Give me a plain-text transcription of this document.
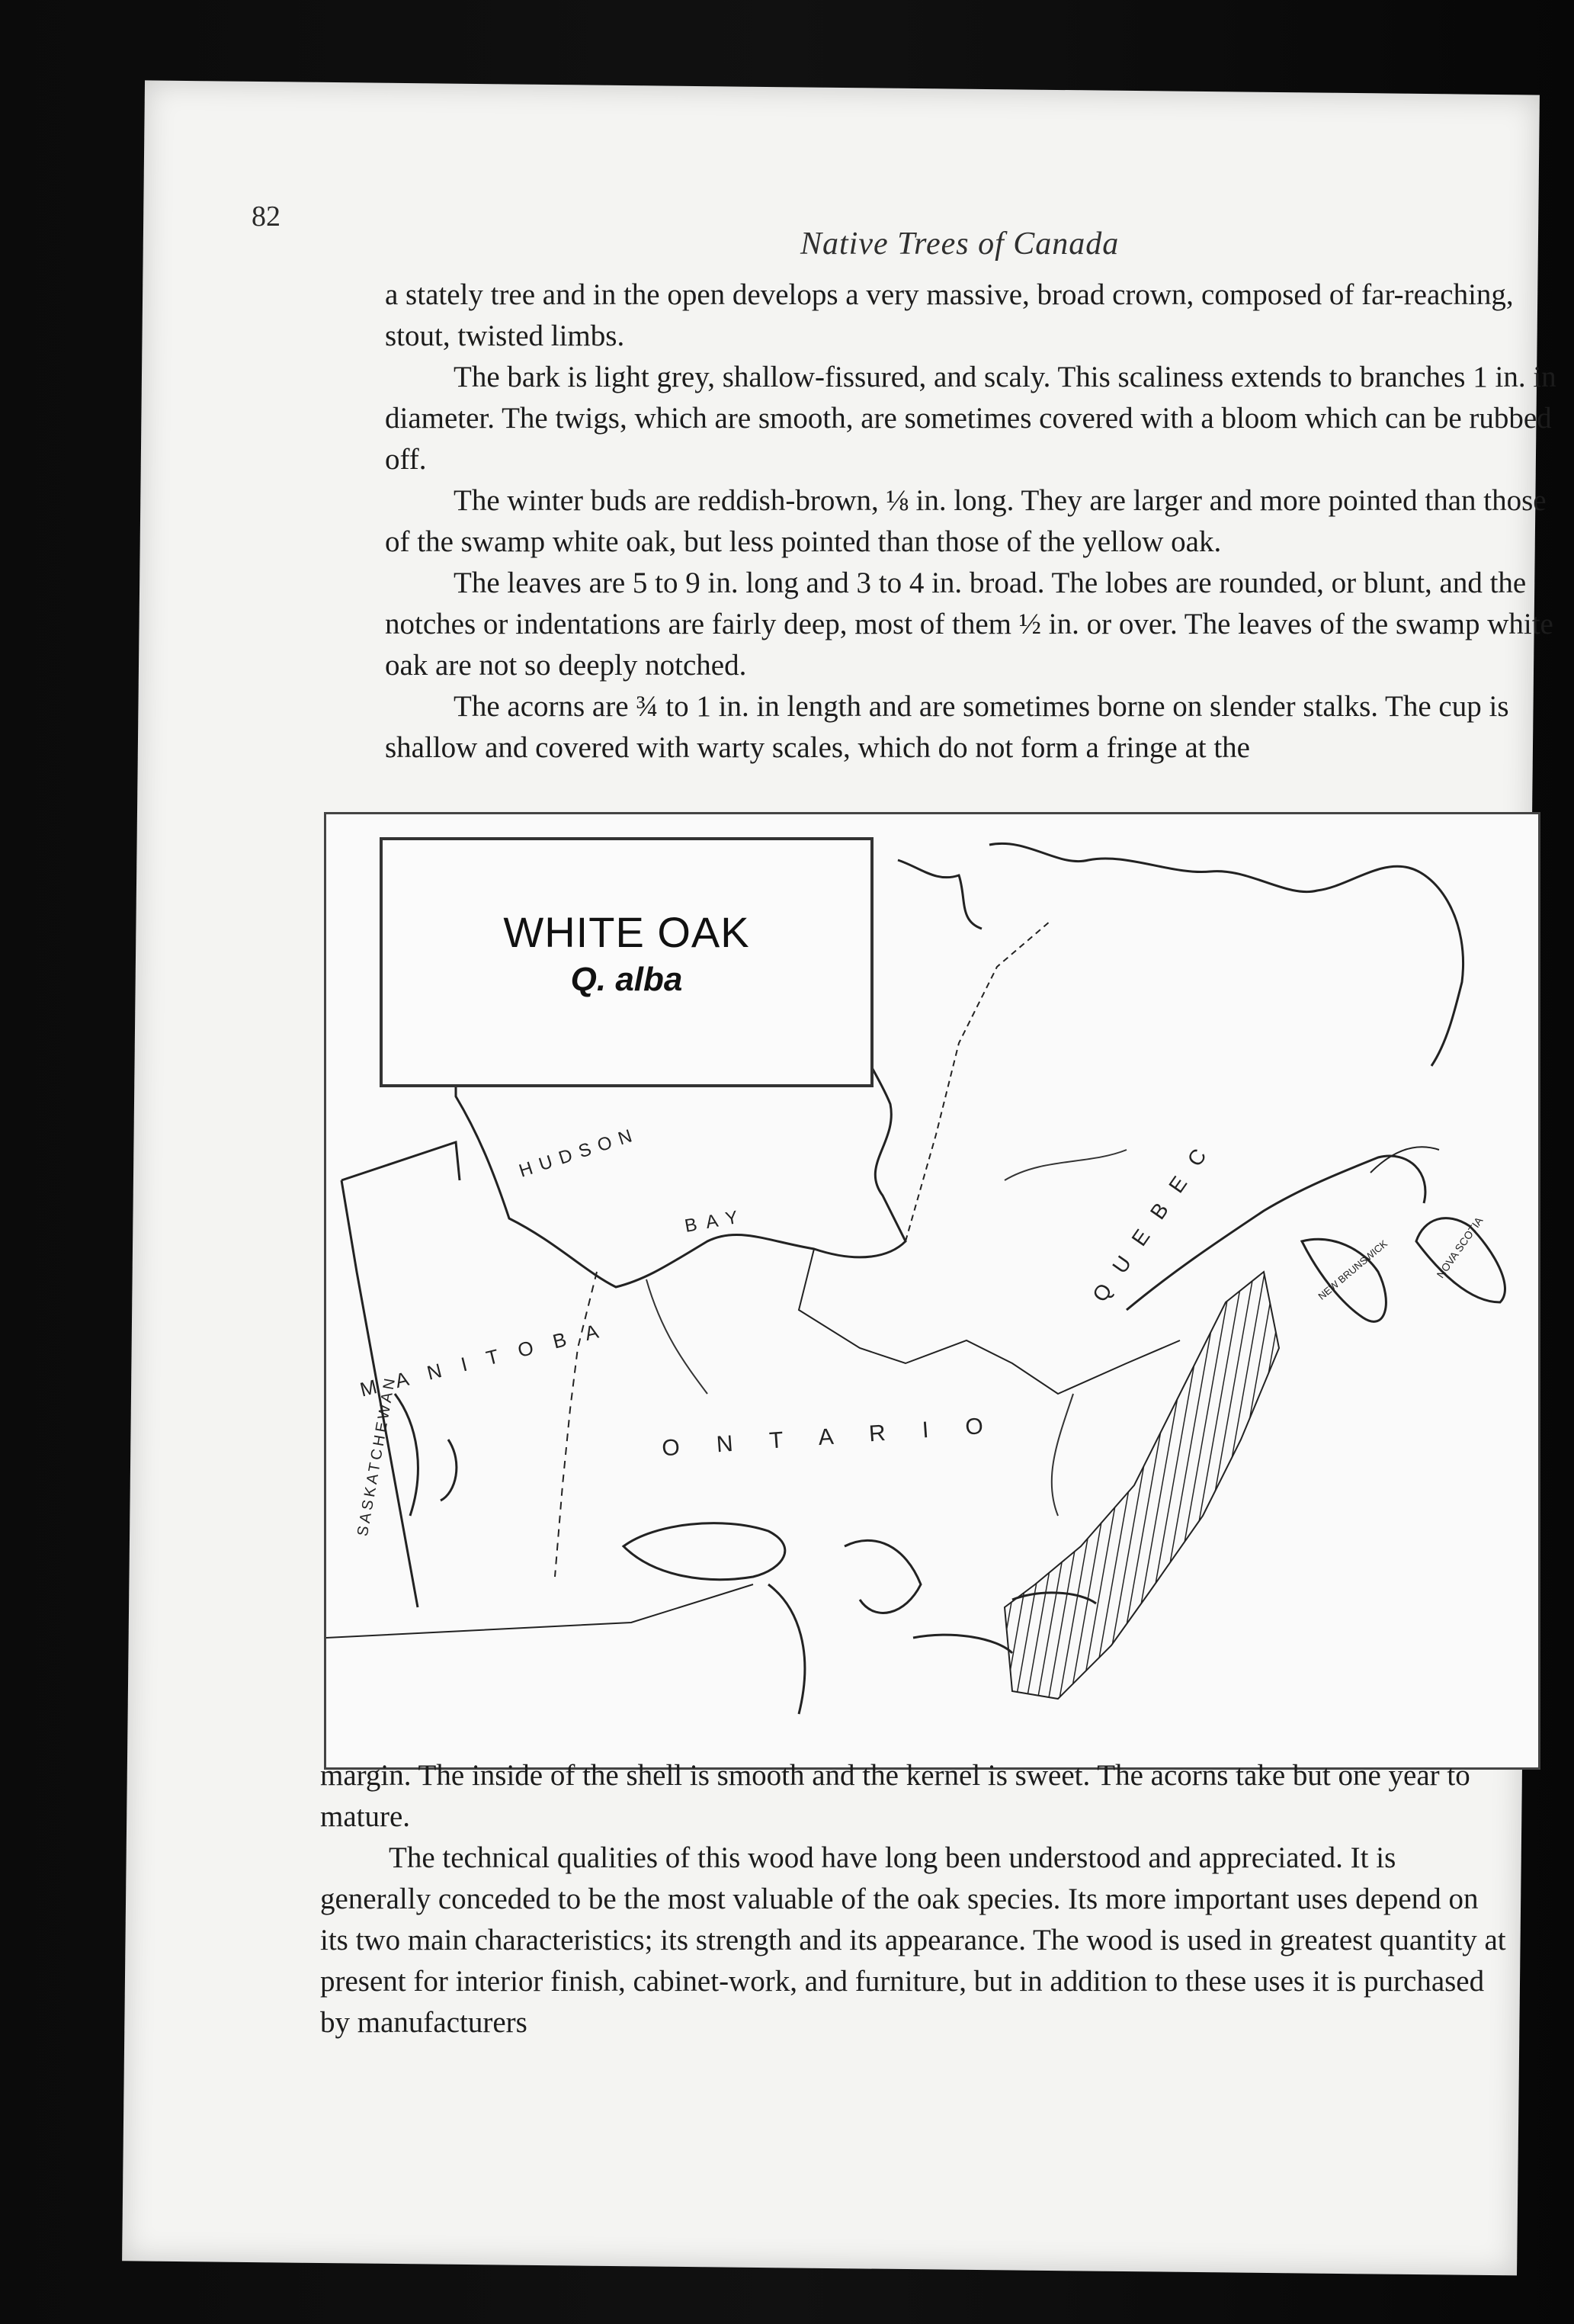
82
Native Trees of Canada

a stately tree and in the open develops a very massive, broad crown, composed of far-reaching, stout, twisted limbs.

The bark is light grey, shallow-fissured, and scaly. This scaliness extends to branches 1 in. in diameter. The twigs, which are smooth, are sometimes covered with a bloom which can be rubbed off.

The winter buds are reddish-brown, ⅛ in. long. They are larger and more pointed than those of the swamp white oak, but less pointed than those of the yellow oak.

The leaves are 5 to 9 in. long and 3 to 4 in. broad. The lobes are rounded, or blunt, and the notches or indentations are fairly deep, most of them ½ in. or over. The leaves of the swamp white oak are not so deeply notched.

The acorns are ¾ to 1 in. in length and are sometimes borne on slender stalks. The cup is shallow and covered with warty scales, which do not form a fringe at the

WHITE OAK
Q. alba
HUDSON
BAY	Q U E B E C
M A N I T O B A
O N T A R I O
SASKATCHEWAN
NEW BRUNSWICK	NOVA SCOTIA

margin. The inside of the shell is smooth and the kernel is sweet. The acorns take but one year to mature.

The technical qualities of this wood have long been understood and appreciated. It is generally conceded to be the most valuable of the oak species. Its more important uses depend on its two main characteristics; its strength and its appearance. The wood is used in greatest quantity at present for interior finish, cabinet-work, and furniture, but in addition to these uses it is purchased by manufacturers
